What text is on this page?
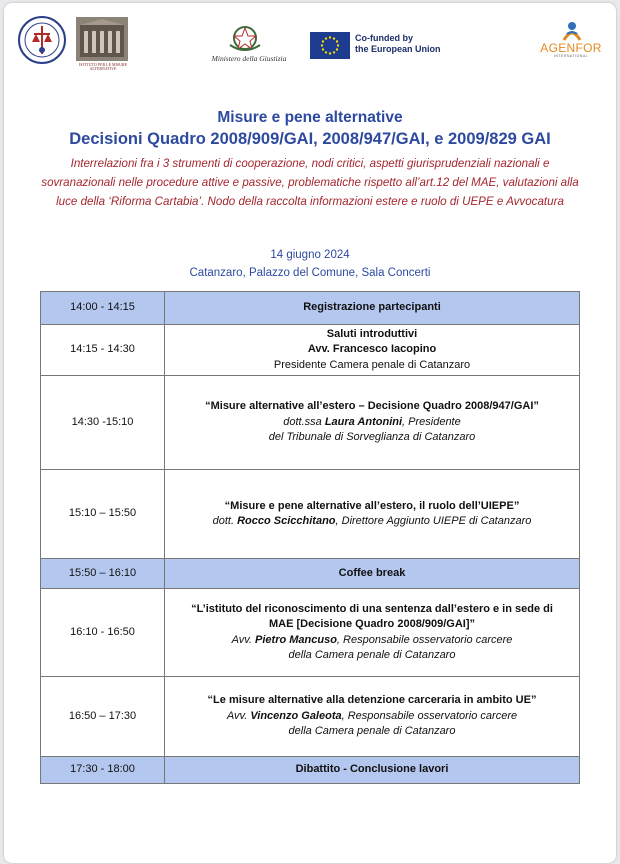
ISTITUTO PER LE MISURE ALTERNATIVE
Ministero della Giustizia
Co-funded by
the European Union	AGENFOR
INTERNATIONAL
Misure e pene alternative
Decisioni Quadro 2008/909/GAI, 2008/947/GAI, e 2009/829 GAI
Interrelazioni fra i 3 strumenti di cooperazione, nodi critici, aspetti giurisprudenziali nazionali e sovranazionali nelle procedure attive e passive, problematiche rispetto all’art.12 del MAE, valutazioni alla luce della ‘Riforma Cartabia’. Nodo della raccolta informazioni estere e ruolo di UEPE e Avvocatura
14 giugno 2024
Catanzaro, Palazzo del Comune, Sala Concerti
14:00 - 14:15	Registrazione partecipanti
14:15 - 14:30	Saluti introduttivi
Avv. Francesco Iacopino
Presidente Camera penale di Catanzaro

14:30 -15:10	“Misure alternative all’estero – Decisione Quadro 2008/947/GAI”
dott.ssa Laura Antonini, Presidente
del Tribunale di Sorveglianza di Catanzaro

15:10 – 15:50	“Misure e pene alternative all’estero, il ruolo dell’UIEPE”
dott. Rocco Scicchitano, Direttore Aggiunto UIEPE di Catanzaro

15:50 – 16:10	Coffee break
16:10 - 16:50	“L’istituto del riconoscimento di una sentenza dall’estero e in sede di MAE [Decisione Quadro 2008/909/GAI]”
Avv. Pietro Mancuso, Responsabile osservatorio carcere
della Camera penale di Catanzaro

16:50 – 17:30	“Le misure alternative alla detenzione carceraria in ambito UE”
Avv. Vincenzo Galeota, Responsabile osservatorio carcere
della Camera penale di Catanzaro

17:30 - 18:00	Dibattito - Conclusione lavori
